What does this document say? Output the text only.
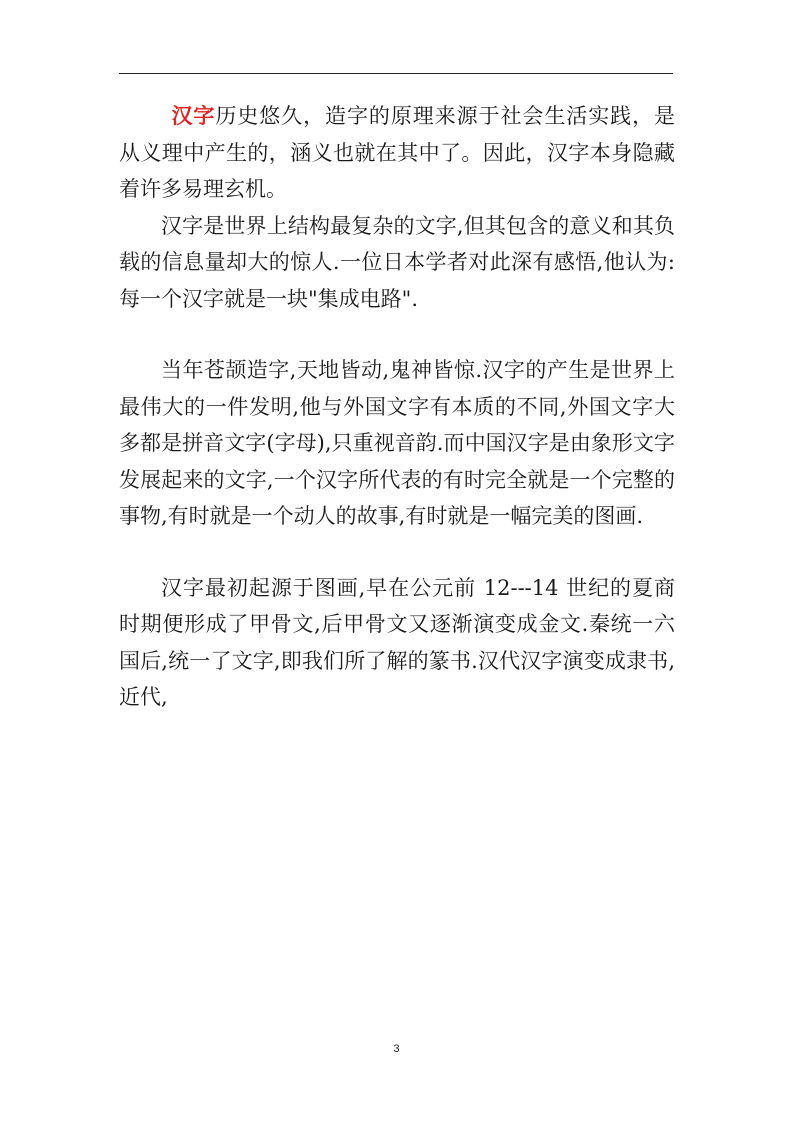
汉字历史悠久，造字的原理来源于社会生活实践，是从义理中产生的，涵义也就在其中了。因此，汉字本身隐藏着许多易理玄机。

汉字是世界上结构最复杂的文字,但其包含的意义和其负载的信息量却大的惊人.一位日本学者对此深有感悟,他认为:每一个汉字就是一块"集成电路".

当年苍颉造字,天地皆动,鬼神皆惊.汉字的产生是世界上最伟大的一件发明,他与外国文字有本质的不同,外国文字大多都是拼音文字(字母),只重视音韵.而中国汉字是由象形文字发展起来的文字,一个汉字所代表的有时完全就是一个完整的事物,有时就是一个动人的故事,有时就是一幅完美的图画.

汉字最初起源于图画,早在公元前 12---14 世纪的夏商时期便形成了甲骨文,后甲骨文又逐渐演变成金文.秦统一六国后,统一了文字,即我们所了解的篆书.汉代汉字演变成隶书,近代,

3
